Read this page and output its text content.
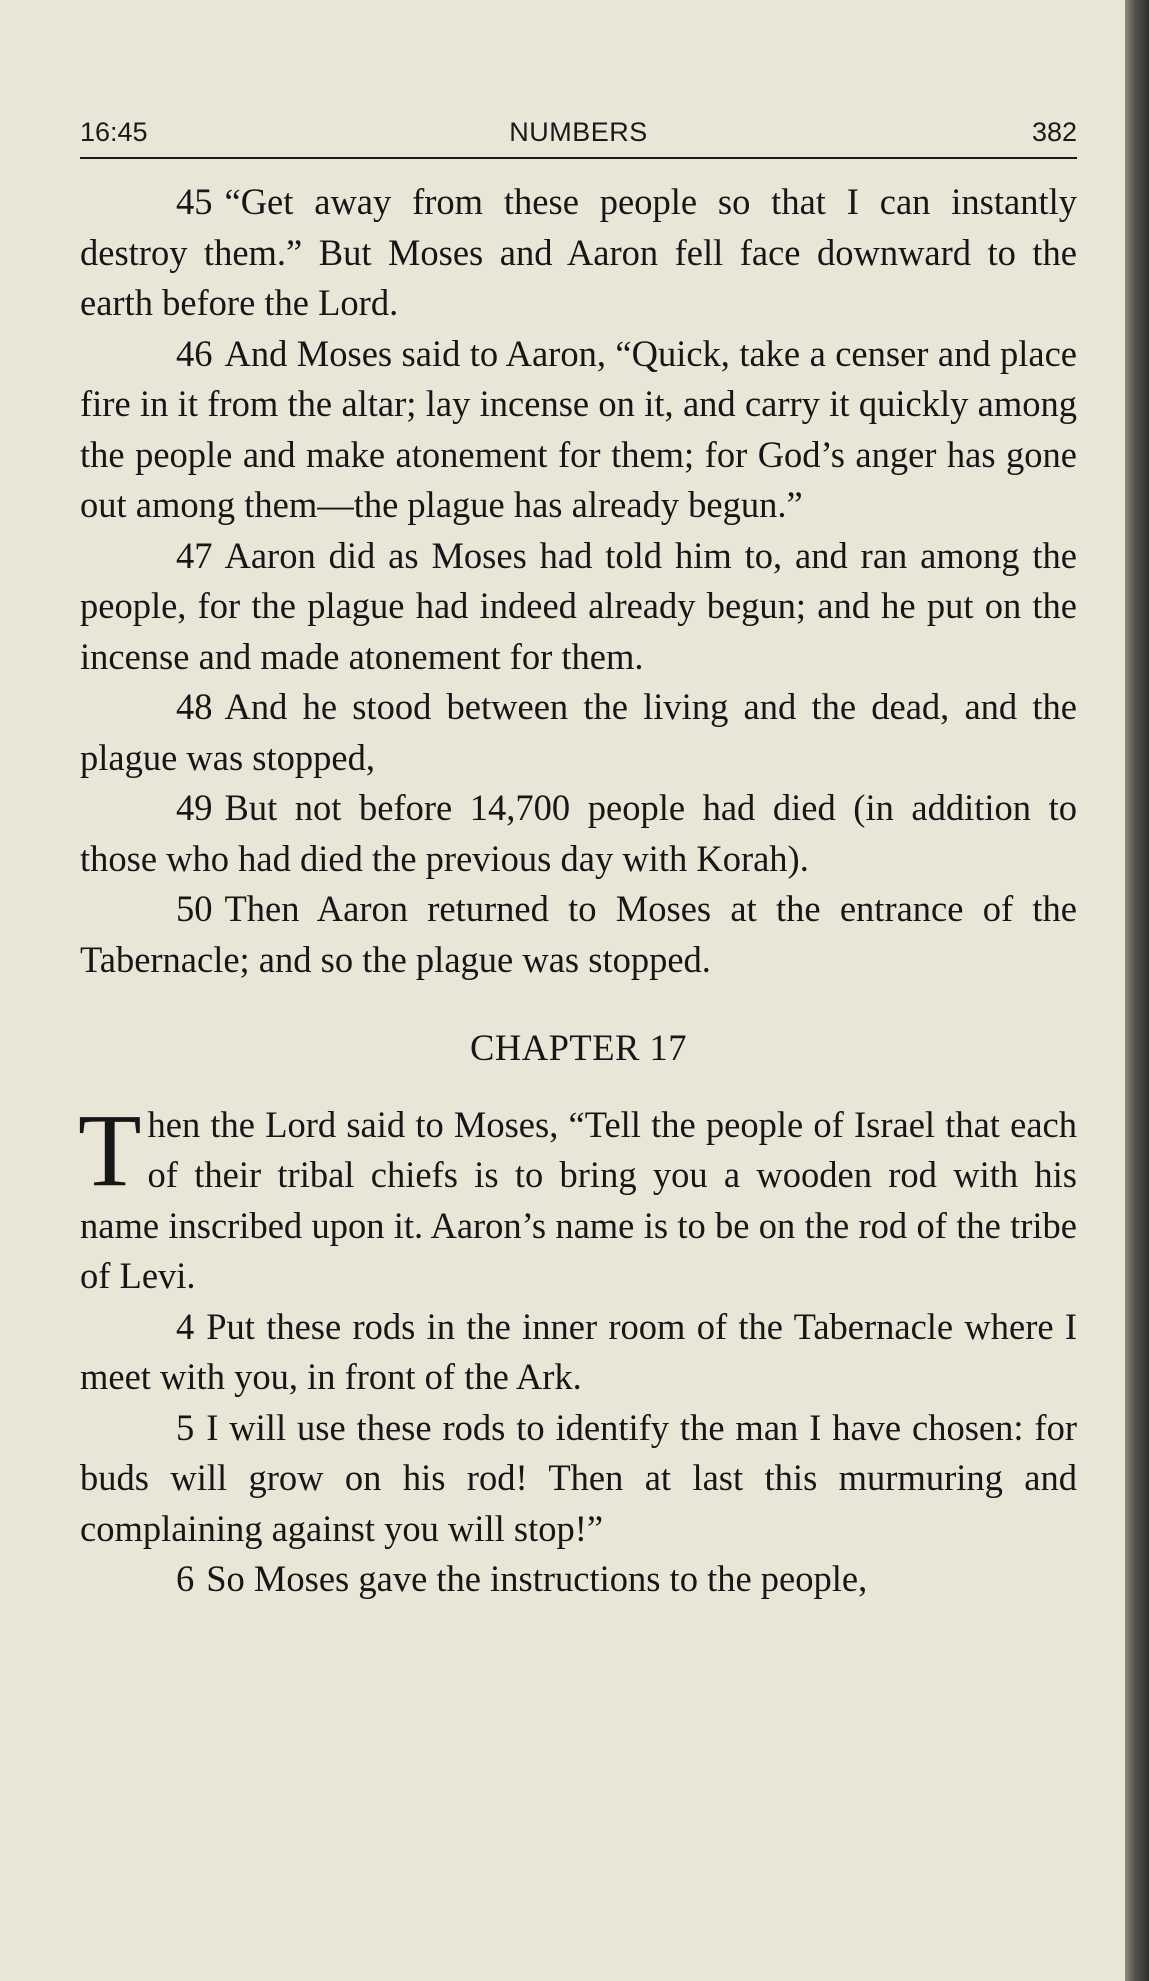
16:45	NUMBERS	382

45 “Get away from these people so that I can instantly destroy them.” But Moses and Aaron fell face downward to the earth before the Lord.

46 And Moses said to Aaron, “Quick, take a censer and place fire in it from the altar; lay incense on it, and carry it quickly among the people and make atonement for them; for God’s anger has gone out among them—the plague has already begun.”

47 Aaron did as Moses had told him to, and ran among the people, for the plague had indeed already begun; and he put on the incense and made atonement for them.

48 And he stood between the living and the dead, and the plague was stopped,

49 But not before 14,700 people had died (in addition to those who had died the previous day with Korah).

50 Then Aaron returned to Moses at the entrance of the Tabernacle; and so the plague was stopped.

CHAPTER 17

Then the Lord said to Moses, “Tell the people of Israel that each of their tribal chiefs is to bring you a wooden rod with his name inscribed upon it. Aaron’s name is to be on the rod of the tribe of Levi.

4 Put these rods in the inner room of the Tabernacle where I meet with you, in front of the Ark.

5 I will use these rods to identify the man I have chosen: for buds will grow on his rod! Then at last this murmuring and complaining against you will stop!”

6 So Moses gave the instructions to the people,
